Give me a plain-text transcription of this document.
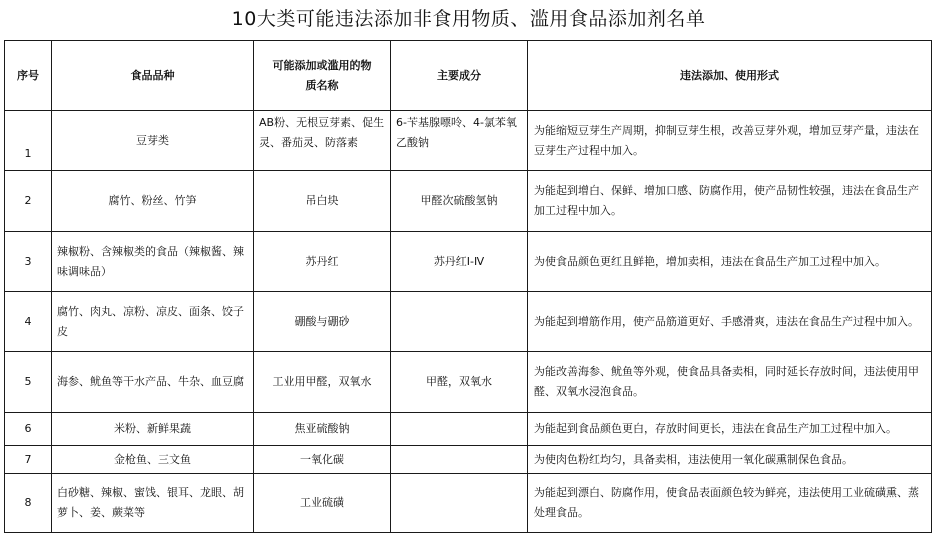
10大类可能违法添加非食用物质、滥用食品添加剂名单
序号	食品品种	可能添加或滥用的物质名称	主要成分	违法添加、使用形式
1	豆芽类	AB粉、无根豆芽素、促生灵、番茄灵、防落素	6-苄基腺嘌呤、4-氯苯氧乙酸钠	为能缩短豆芽生产周期，抑制豆芽生根，改善豆芽外观，增加豆芽产量，违法在豆芽生产过程中加入。
2	腐竹、粉丝、竹笋	吊白块	甲醛次硫酸氢钠	为能起到增白、保鲜、增加口感、防腐作用，使产品韧性较强，违法在食品生产加工过程中加入。
3	辣椒粉、含辣椒类的食品（辣椒酱、辣味调味品）	苏丹红	苏丹红Ⅰ-Ⅳ	为使食品颜色更红且鲜艳，增加卖相，违法在食品生产加工过程中加入。
4	腐竹、肉丸、凉粉、凉皮、面条、饺子皮	硼酸与硼砂		为能起到增筋作用，使产品筋道更好、手感滑爽，违法在食品生产过程中加入。
5	海参、鱿鱼等干水产品、牛杂、血豆腐	工业用甲醛，双氧水	甲醛，双氧水	为能改善海参、鱿鱼等外观，使食品具备卖相，同时延长存放时间，违法使用甲醛、双氧水浸泡食品。
6	米粉、新鲜果蔬	焦亚硫酸钠		为能起到食品颜色更白，存放时间更长，违法在食品生产加工过程中加入。
7	金枪鱼、三文鱼	一氧化碳		为使肉色粉红均匀，具备卖相，违法使用一氧化碳熏制保色食品。
8	白砂糖、辣椒、蜜饯、银耳、龙眼、胡萝卜、姜、蕨菜等	工业硫磺		为能起到漂白、防腐作用，使食品表面颜色较为鲜亮，违法使用工业硫磺熏、蒸处理食品。
